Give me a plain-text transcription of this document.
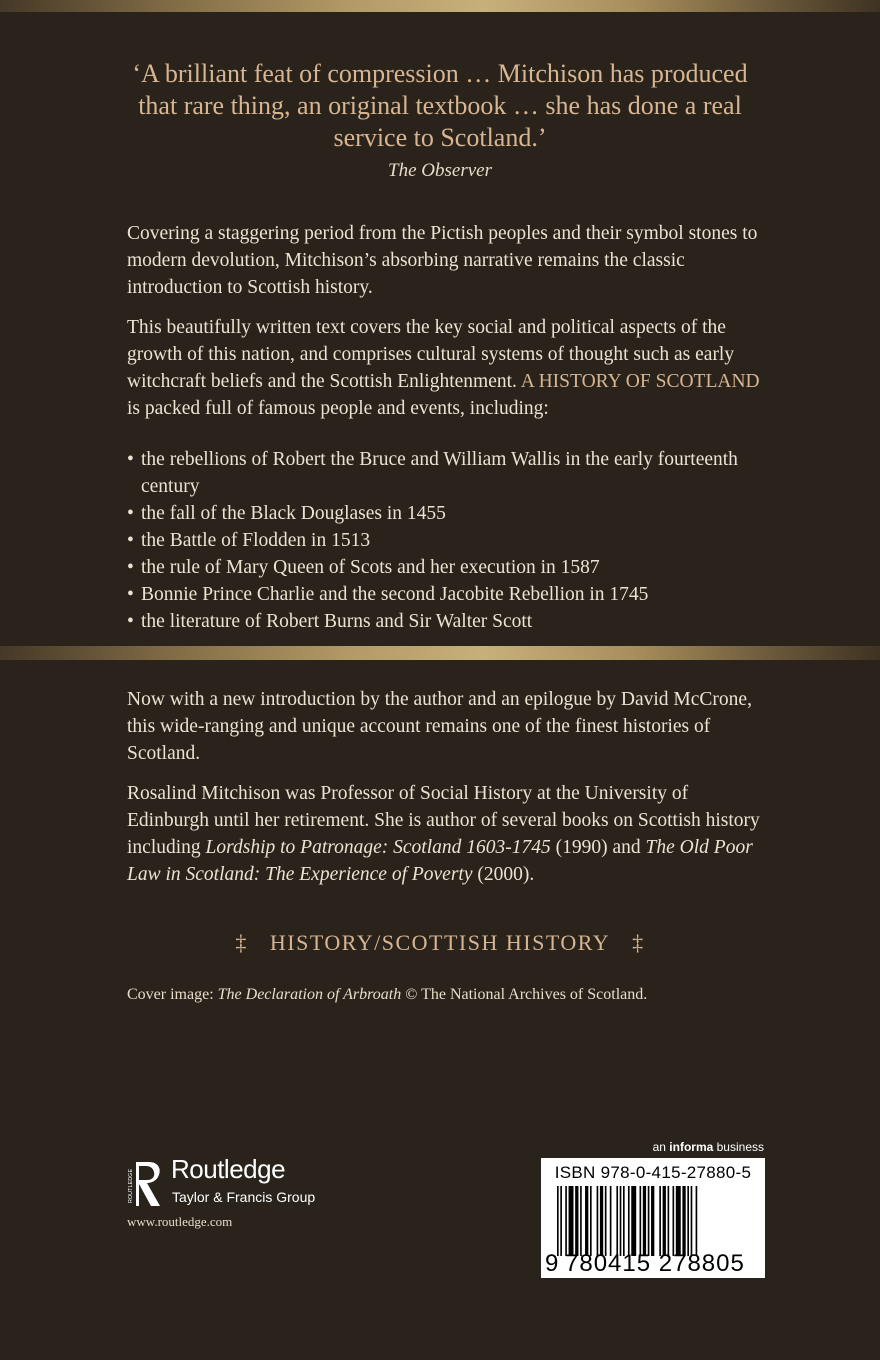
‘A brilliant feat of compression … Mitchison has produced that rare thing, an original textbook … she has done a real service to Scotland.’
The Observer

Covering a staggering period from the Pictish peoples and their symbol stones to modern devolution, Mitchison’s absorbing narrative remains the classic introduction to Scottish history.

This beautifully written text covers the key social and political aspects of the growth of this nation, and comprises cultural systems of thought such as early witchcraft beliefs and the Scottish Enlightenment. A HISTORY OF SCOTLAND is packed full of famous people and events, including:

• the rebellions of Robert the Bruce and William Wallis in the early fourteenth century
• the fall of the Black Douglases in 1455
• the Battle of Flodden in 1513
• the rule of Mary Queen of Scots and her execution in 1587
• Bonnie Prince Charlie and the second Jacobite Rebellion in 1745
• the literature of Robert Burns and Sir Walter Scott

Now with a new introduction by the author and an epilogue by David McCrone, this wide-ranging and unique account remains one of the finest histories of Scotland.

Rosalind Mitchison was Professor of Social History at the University of Edinburgh until her retirement. She is author of several books on Scottish history including Lordship to Patronage: Scotland 1603-1745 (1990) and The Old Poor Law in Scotland: The Experience of Poverty (2000).

‡ HISTORY/SCOTTISH HISTORY ‡
Cover image: The Declaration of Arbroath © The National Archives of Scotland.
ROUTLEDGE Routledge
Taylor & Francis Group
www.routledge.com
an informa business
ISBN 978-0-415-27880-5
9 780415 278805
